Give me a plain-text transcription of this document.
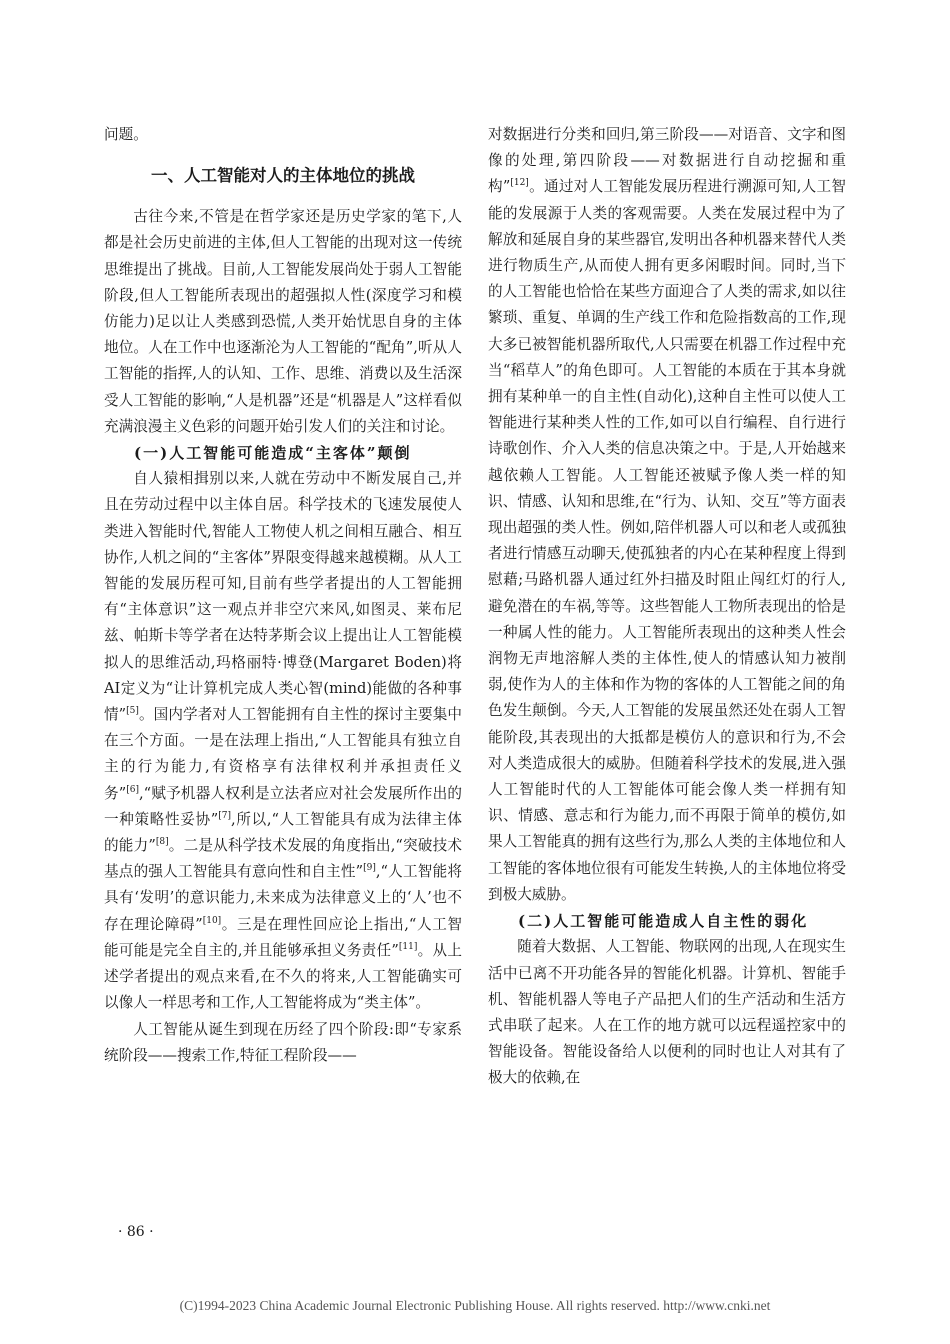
问题。

一、人工智能对人的主体地位的挑战

古往今来,不管是在哲学家还是历史学家的笔下,人都是社会历史前进的主体,但人工智能的出现对这一传统思维提出了挑战。目前,人工智能发展尚处于弱人工智能阶段,但人工智能所表现出的超强拟人性(深度学习和模仿能力)足以让人类感到恐慌,人类开始忧思自身的主体地位。人在工作中也逐渐沦为人工智能的“配角”,听从人工智能的指挥,人的认知、工作、思维、消费以及生活深受人工智能的影响,“人是机器”还是“机器是人”这样看似充满浪漫主义色彩的问题开始引发人们的关注和讨论。

(一)人工智能可能造成“主客体”颠倒

自人猿相揖别以来,人就在劳动中不断发展自己,并且在劳动过程中以主体自居。科学技术的飞速发展使人类进入智能时代,智能人工物使人机之间相互融合、相互协作,人机之间的“主客体”界限变得越来越模糊。从人工智能的发展历程可知,目前有些学者提出的人工智能拥有“主体意识”这一观点并非空穴来风,如图灵、莱布尼兹、帕斯卡等学者在达特茅斯会议上提出让人工智能模拟人的思维活动,玛格丽特·博登(Margaret Boden)将AI定义为“让计算机完成人类心智(mind)能做的各种事情”[5]。国内学者对人工智能拥有自主性的探讨主要集中在三个方面。一是在法理上指出,“人工智能具有独立自主的行为能力,有资格享有法律权利并承担责任义务”[6],“赋予机器人权利是立法者应对社会发展所作出的一种策略性妥协”[7],所以,“人工智能具有成为法律主体的能力”[8]。二是从科学技术发展的角度指出,“突破技术基点的强人工智能具有意向性和自主性”[9],“人工智能将具有‘发明’的意识能力,未来成为法律意义上的‘人’也不存在理论障碍”[10]。三是在理性回应论上指出,“人工智能可能是完全自主的,并且能够承担义务责任”[11]。从上述学者提出的观点来看,在不久的将来,人工智能确实可以像人一样思考和工作,人工智能将成为“类主体”。

人工智能从诞生到现在历经了四个阶段:即“专家系统阶段——搜索工作,特征工程阶段——

对数据进行分类和回归,第三阶段——对语音、文字和图像的处理,第四阶段——对数据进行自动挖掘和重构”[12]。通过对人工智能发展历程进行溯源可知,人工智能的发展源于人类的客观需要。人类在发展过程中为了解放和延展自身的某些器官,发明出各种机器来替代人类进行物质生产,从而使人拥有更多闲暇时间。同时,当下的人工智能也恰恰在某些方面迎合了人类的需求,如以往繁琐、重复、单调的生产线工作和危险指数高的工作,现大多已被智能机器所取代,人只需要在机器工作过程中充当“稻草人”的角色即可。人工智能的本质在于其本身就拥有某种单一的自主性(自动化),这种自主性可以使人工智能进行某种类人性的工作,如可以自行编程、自行进行诗歌创作、介入人类的信息决策之中。于是,人开始越来越依赖人工智能。人工智能还被赋予像人类一样的知识、情感、认知和思维,在“行为、认知、交互”等方面表现出超强的类人性。例如,陪伴机器人可以和老人或孤独者进行情感互动聊天,使孤独者的内心在某种程度上得到慰藉;马路机器人通过红外扫描及时阻止闯红灯的行人,避免潜在的车祸,等等。这些智能人工物所表现出的恰是一种属人性的能力。人工智能所表现出的这种类人性会润物无声地溶解人类的主体性,使人的情感认知力被削弱,使作为人的主体和作为物的客体的人工智能之间的角色发生颠倒。今天,人工智能的发展虽然还处在弱人工智能阶段,其表现出的大抵都是模仿人的意识和行为,不会对人类造成很大的威胁。但随着科学技术的发展,进入强人工智能时代的人工智能体可能会像人类一样拥有知识、情感、意志和行为能力,而不再限于简单的模仿,如果人工智能真的拥有这些行为,那么人类的主体地位和人工智能的客体地位很有可能发生转换,人的主体地位将受到极大威胁。

(二)人工智能可能造成人自主性的弱化

随着大数据、人工智能、物联网的出现,人在现实生活中已离不开功能各异的智能化机器。计算机、智能手机、智能机器人等电子产品把人们的生产活动和生活方式串联了起来。人在工作的地方就可以远程遥控家中的智能设备。智能设备给人以便利的同时也让人对其有了极大的依赖,在

· 86 ·
(C)1994-2023 China Academic Journal Electronic Publishing House. All rights reserved. http://www.cnki.net
